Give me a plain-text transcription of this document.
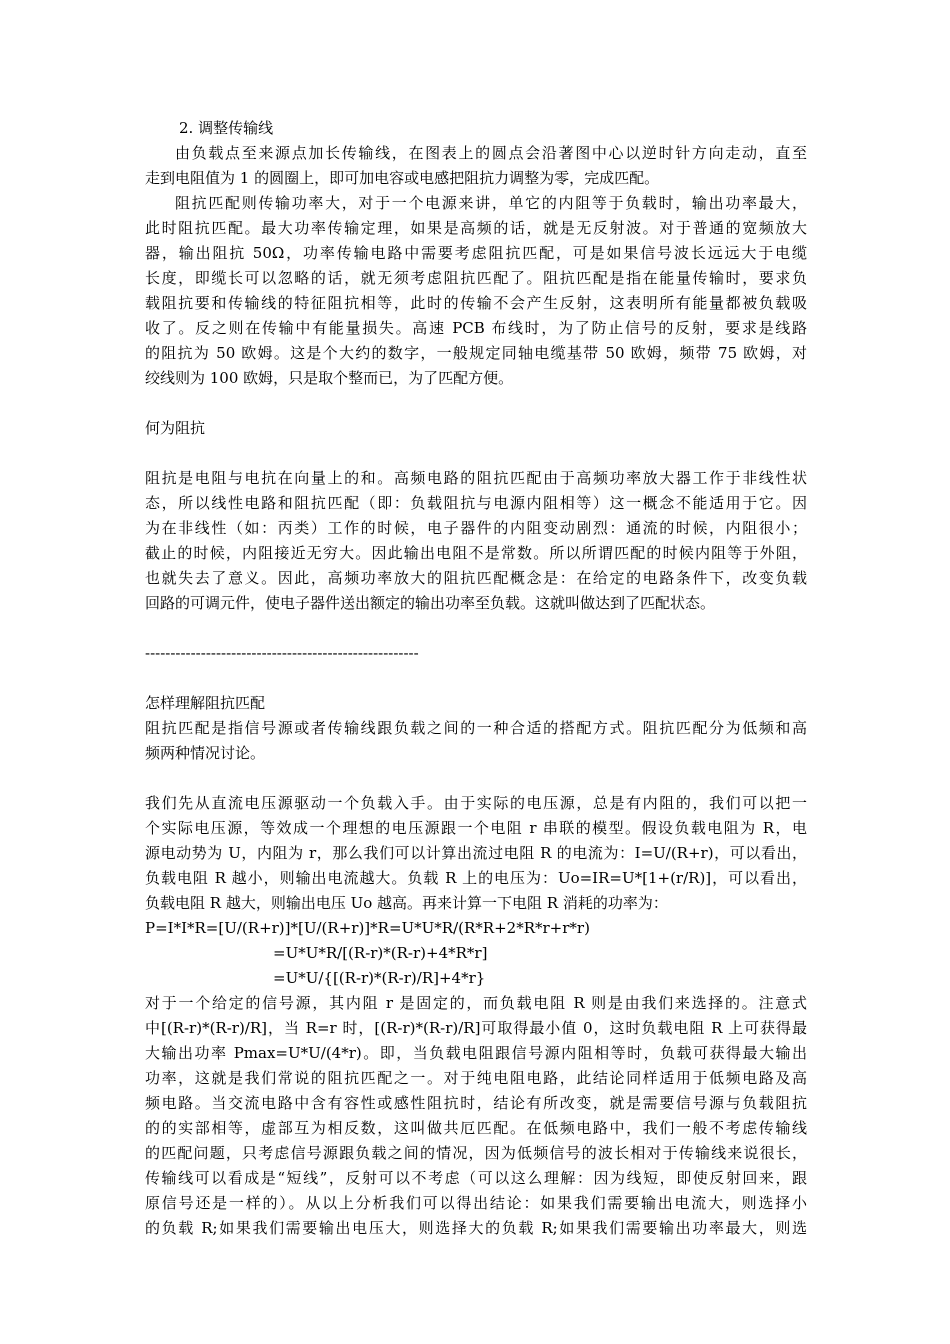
2. 调整传输线
由负载点至来源点加长传输线，在图表上的圆点会沿著图中心以逆时针方向走动，直至
走到电阻值为 1 的圆圈上，即可加电容或电感把阻抗力调整为零，完成匹配。
阻抗匹配则传输功率大，对于一个电源来讲，单它的内阻等于负载时，输出功率最大，
此时阻抗匹配。最大功率传输定理，如果是高频的话，就是无反射波。对于普通的宽频放大
器，输出阻抗 50Ω，功率传输电路中需要考虑阻抗匹配，可是如果信号波长远远大于电缆
长度，即缆长可以忽略的话，就无须考虑阻抗匹配了。阻抗匹配是指在能量传输时，要求负
载阻抗要和传输线的特征阻抗相等，此时的传输不会产生反射，这表明所有能量都被负载吸
收了。反之则在传输中有能量损失。高速 PCB 布线时，为了防止信号的反射，要求是线路
的阻抗为 50 欧姆。这是个大约的数字，一般规定同轴电缆基带 50 欧姆，频带 75 欧姆，对
绞线则为 100 欧姆，只是取个整而已，为了匹配方便。
何为阻抗
阻抗是电阻与电抗在向量上的和。高频电路的阻抗匹配由于高频功率放大器工作于非线性状
态，所以线性电路和阻抗匹配（即：负载阻抗与电源内阻相等）这一概念不能适用于它。因
为在非线性（如：丙类）工作的时候，电子器件的内阻变动剧烈：通流的时候，内阻很小；
截止的时候，内阻接近无穷大。因此输出电阻不是常数。所以所谓匹配的时候内阻等于外阻，
也就失去了意义。因此，高频功率放大的阻抗匹配概念是：在给定的电路条件下，改变负载
回路的可调元件，使电子器件送出额定的输出功率至负载。这就叫做达到了匹配状态。
------------------------------------------------------
怎样理解阻抗匹配
阻抗匹配是指信号源或者传输线跟负载之间的一种合适的搭配方式。阻抗匹配分为低频和高
频两种情况讨论。
我们先从直流电压源驱动一个负载入手。由于实际的电压源，总是有内阻的，我们可以把一
个实际电压源，等效成一个理想的电压源跟一个电阻 r 串联的模型。假设负载电阻为 R，电
源电动势为 U，内阻为 r，那么我们可以计算出流过电阻 R 的电流为：I=U/(R+r)，可以看出，
负载电阻 R 越小，则输出电流越大。负载 R 上的电压为：Uo=IR=U*[1+(r/R)]，可以看出，
负载电阻 R 越大，则输出电压 Uo 越高。再来计算一下电阻 R 消耗的功率为：
P=I*I*R=[U/(R+r)]*[U/(R+r)]*R=U*U*R/(R*R+2*R*r+r*r)
=U*U*R/[(R-r)*(R-r)+4*R*r]
=U*U/{[(R-r)*(R-r)/R]+4*r}
对于一个给定的信号源，其内阻 r 是固定的，而负载电阻 R 则是由我们来选择的。注意式
中[(R-r)*(R-r)/R]，当 R=r 时，[(R-r)*(R-r)/R]可取得最小值 0，这时负载电阻 R 上可获得最
大输出功率 Pmax=U*U/(4*r)。即，当负载电阻跟信号源内阻相等时，负载可获得最大输出
功率，这就是我们常说的阻抗匹配之一。对于纯电阻电路，此结论同样适用于低频电路及高
频电路。当交流电路中含有容性或感性阻抗时，结论有所改变，就是需要信号源与负载阻抗
的的实部相等，虚部互为相反数，这叫做共厄匹配。在低频电路中，我们一般不考虑传输线
的匹配问题，只考虑信号源跟负载之间的情况，因为低频信号的波长相对于传输线来说很长，
传输线可以看成是“短线”，反射可以不考虑（可以这么理解：因为线短，即使反射回来，跟
原信号还是一样的）。从以上分析我们可以得出结论：如果我们需要输出电流大，则选择小
的负载 R;如果我们需要输出电压大，则选择大的负载 R;如果我们需要输出功率最大，则选
